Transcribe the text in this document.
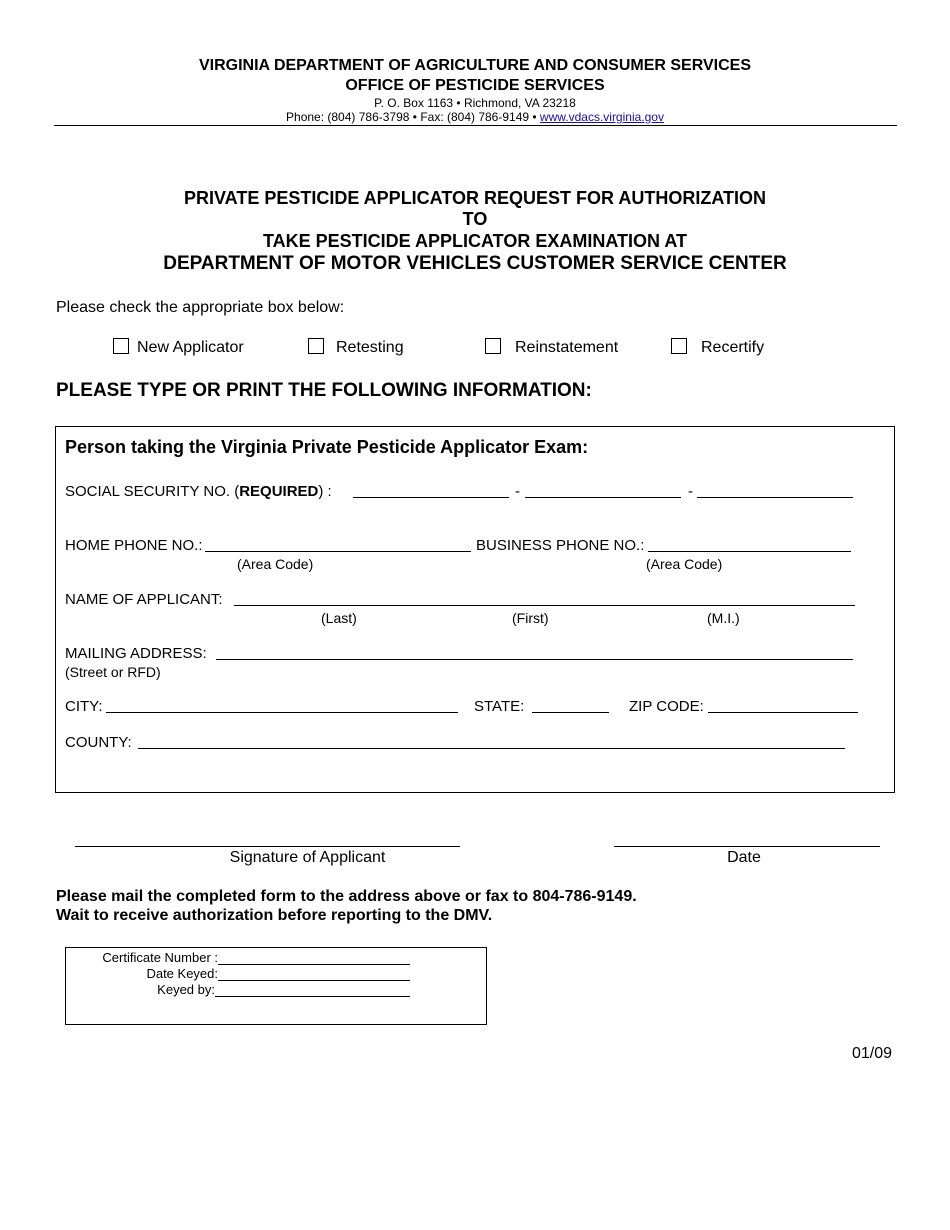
VIRGINIA DEPARTMENT OF AGRICULTURE AND CONSUMER SERVICES
OFFICE OF PESTICIDE SERVICES
P. O. Box 1163 • Richmond, VA 23218
Phone: (804) 786-3798 • Fax: (804) 786-9149 • www.vdacs.virginia.gov
PRIVATE PESTICIDE APPLICATOR REQUEST FOR AUTHORIZATION
TO
TAKE PESTICIDE APPLICATOR EXAMINATION AT
DEPARTMENT OF MOTOR VEHICLES CUSTOMER SERVICE CENTER
Please check the appropriate box below:
New Applicator	Retesting	Reinstatement	Recertify
PLEASE TYPE OR PRINT THE FOLLOWING INFORMATION:
Person taking the Virginia Private Pesticide Applicator Exam:
SOCIAL SECURITY NO. (REQUIRED) :	-	-
HOME PHONE NO.:	BUSINESS PHONE NO.:
(Area Code)	(Area Code)
NAME OF APPLICANT:
(Last)	(First)	(M.I.)
MAILING ADDRESS:
(Street or RFD)
CITY:	STATE:	ZIP CODE:
COUNTY:
Signature of Applicant	Date
Please mail the completed form to the address above or fax to 804-786-9149.
Wait to receive authorization before reporting to the DMV.
Certificate Number :
Date Keyed:
Keyed by:
01/09
